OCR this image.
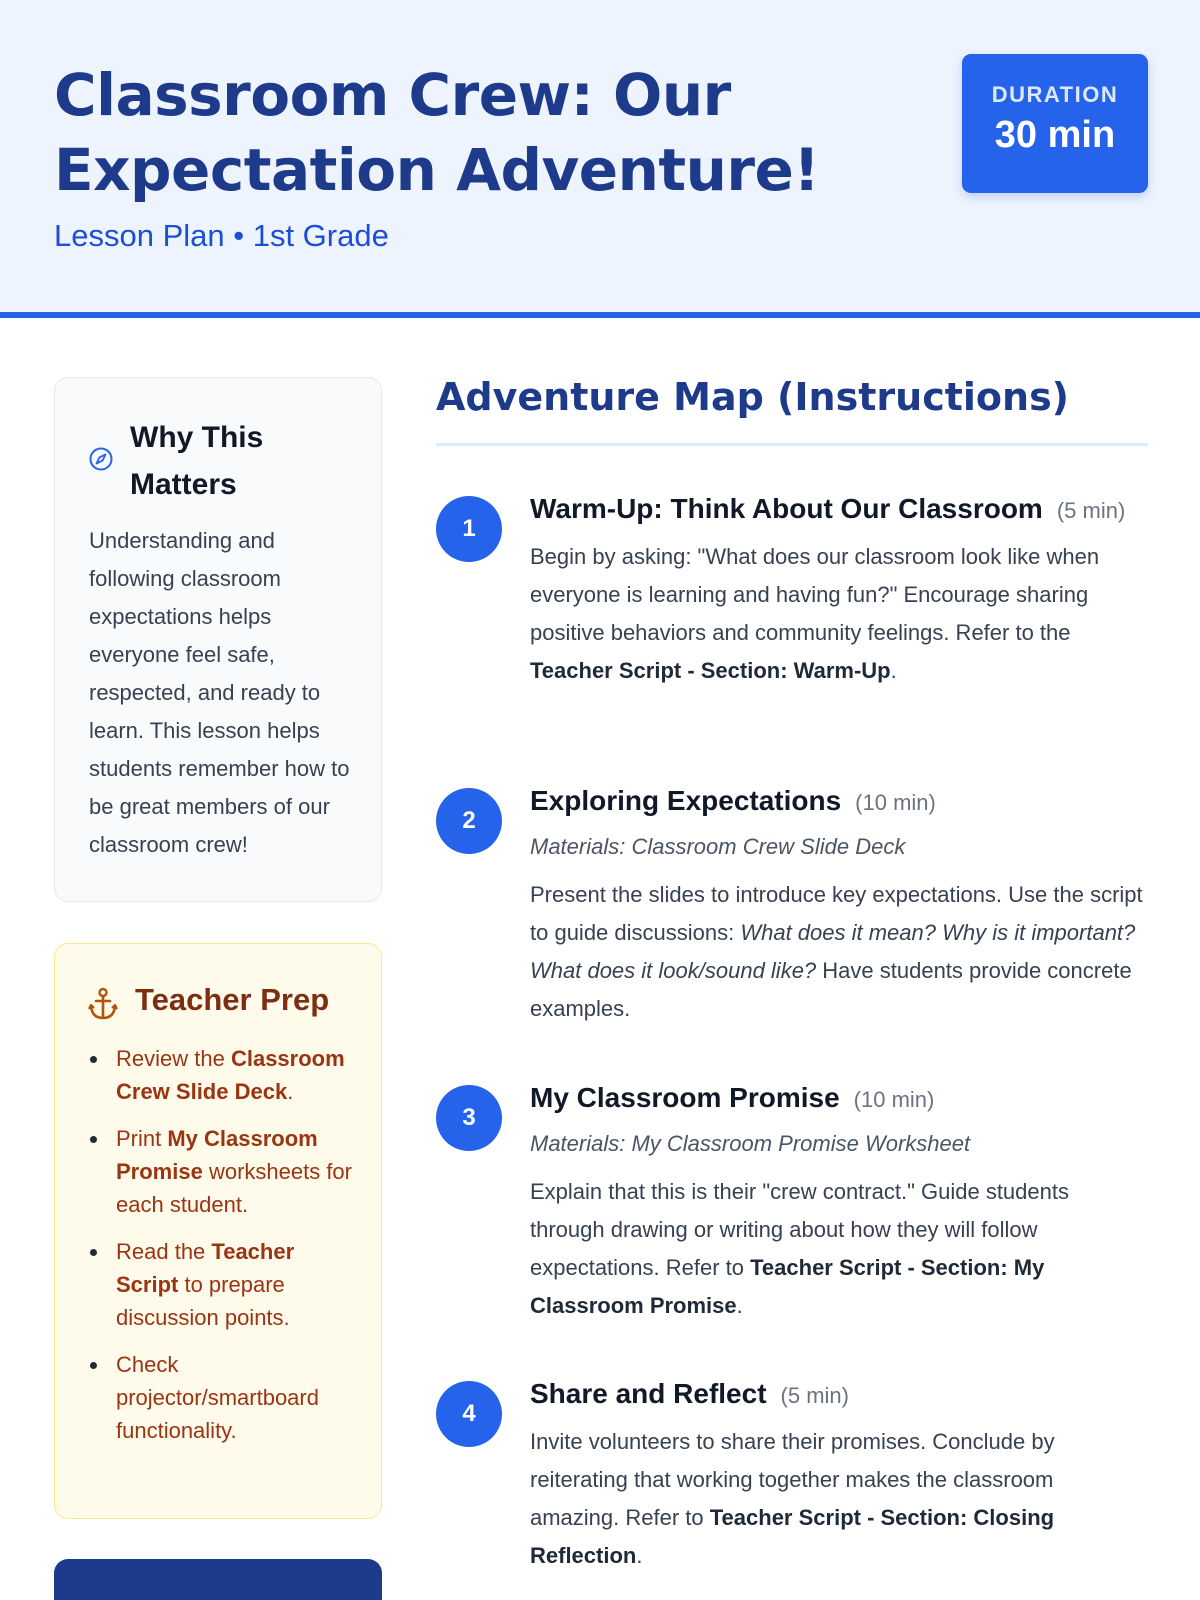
Classroom Crew: Our Expectation Adventure!
Lesson Plan • 1st Grade
DURATION
30 min
Why This Matters

Understanding and following classroom expectations helps everyone feel safe, respected, and ready to learn. This lesson helps students remember how to be great members of our classroom crew!

Teacher Prep
Review the Classroom Crew Slide Deck.
Print My Classroom Promise worksheets for each student.
Read the Teacher Script to prepare discussion points.
Check projector/smartboard functionality.
Adventure Map (Instructions)
1
Warm-Up: Think About Our Classroom (5 min)

Begin by asking: "What does our classroom look like when everyone is learning and having fun?" Encourage sharing positive behaviors and community feelings. Refer to the Teacher Script - Section: Warm-Up.

2
Exploring Expectations (10 min)
Materials: Classroom Crew Slide Deck

Present the slides to introduce key expectations. Use the script to guide discussions: What does it mean? Why is it important? What does it look/sound like? Have students provide concrete examples.

3
My Classroom Promise (10 min)
Materials: My Classroom Promise Worksheet

Explain that this is their "crew contract." Guide students through drawing or writing about how they will follow expectations. Refer to Teacher Script - Section: My Classroom Promise.

4
Share and Reflect (5 min)

Invite volunteers to share their promises. Conclude by reiterating that working together makes the classroom amazing. Refer to Teacher Script - Section: Closing Reflection.
